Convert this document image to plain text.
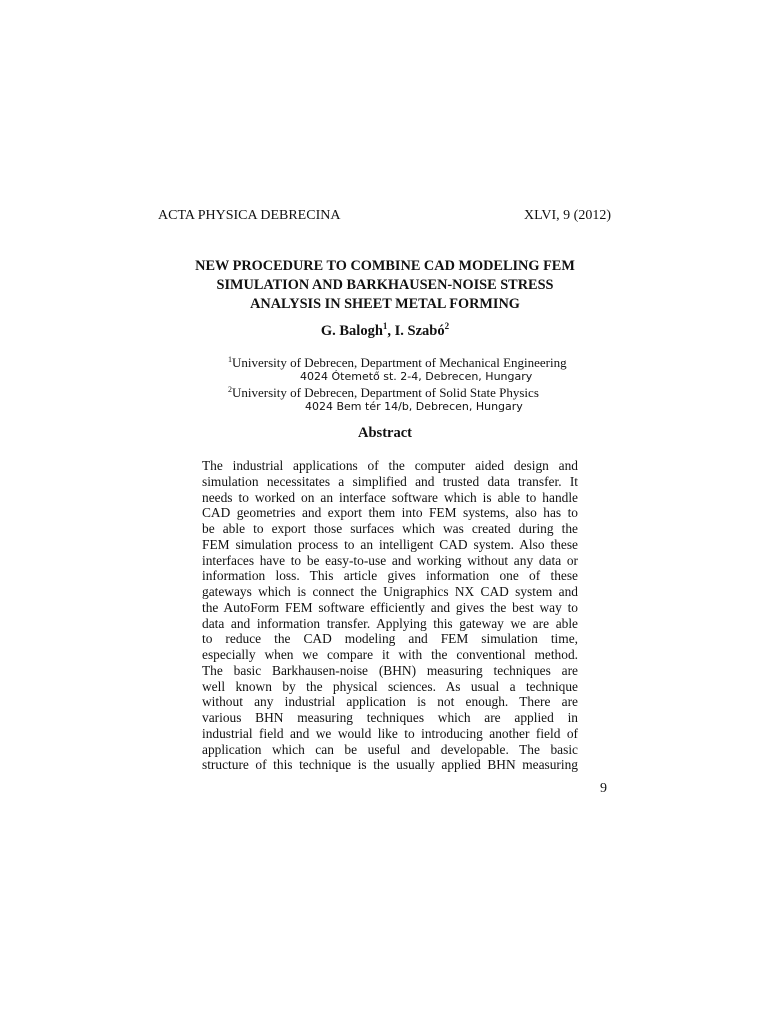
ACTA PHYSICA DEBRECINA	XLVI, 9 (2012)
NEW PROCEDURE TO COMBINE CAD MODELING FEM
SIMULATION AND BARKHAUSEN-NOISE STRESS
ANALYSIS IN SHEET METAL FORMING
G. Balogh$^1$, I. Szabó$^2$
$^1$University of Debrecen, Department of Mechanical Engineering
4024 Ótemető st. 2-4, Debrecen, Hungary
$^2$University of Debrecen, Department of Solid State Physics
4024 Bem tér 14/b, Debrecen, Hungary
Abstract
The industrial applications of the computer aided design and
simulation necessitates a simplified and trusted data transfer. It
needs to worked on an interface software which is able to handle
CAD geometries and export them into FEM systems, also has to
be able to export those surfaces which was created during the
FEM simulation process to an intelligent CAD system. Also these
interfaces have to be easy-to-use and working without any data or
information loss. This article gives information one of these
gateways which is connect the Unigraphics NX CAD system and
the AutoForm FEM software efficiently and gives the best way to
data and information transfer. Applying this gateway we are able
to reduce the CAD modeling and FEM simulation time,
especially when we compare it with the conventional method.
The basic Barkhausen-noise (BHN) measuring techniques are
well known by the physical sciences. As usual a technique
without any industrial application is not enough. There are
various BHN measuring techniques which are applied in
industrial field and we would like to introducing another field of
application which can be useful and developable. The basic
structure of this technique is the usually applied BHN measuring
9
